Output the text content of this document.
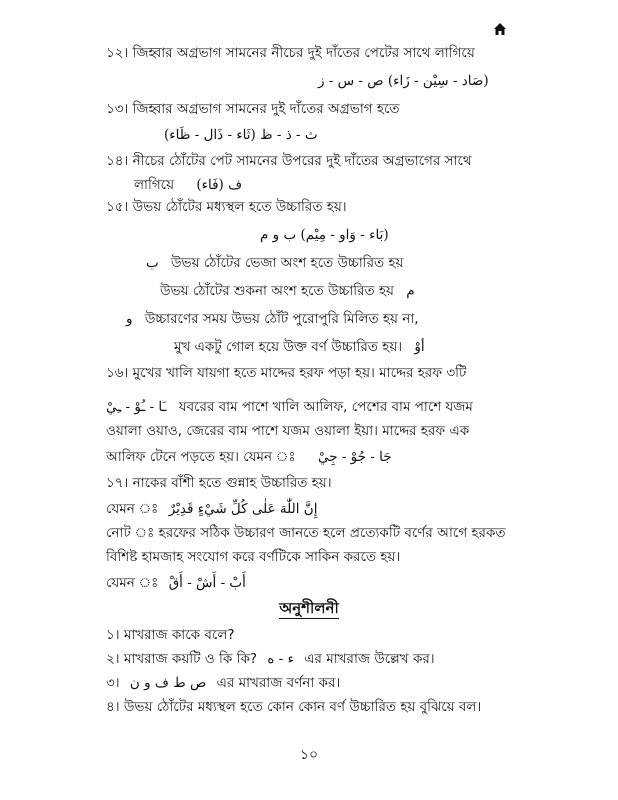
১২। জিহ্বার অগ্রভাগ সামনের নীচের দুই দাঁতের পেটের সাথে লাগিয়ে
(صَاد - سِيْن - زَاء) ص - س - ز
১৩। জিহ্বার অগ্রভাগ সামনের দুই দাঁতের অগ্রভাগ হতে
ث - ذ - ظ (ثَاء - ذَال - ظَاء)
১৪। নীচের ঠোঁটের পেট সামনের উপরের দুই দাঁতের অগ্রভাগের সাথে
লাগিয়ে ف (فَاء)
১৫। উভয় ঠোঁটের মধ্যস্থল হতে উচ্চারিত হয়।
(بَاء - وَاو - مِيْم) ب و م
ب উভয় ঠোঁটের ভেজা অংশ হতে উচ্চারিত হয়
উভয় ঠোঁটের শুকনা অংশ হতে উচ্চারিত হয় م
و উচ্চারণের সময় উভয় ঠোঁট পুরোপুরি মিলিত হয় না,
মুখ একটু গোল হয়ে উক্ত বর্ণ উচ্চারিত হয়। أوْ
১৬। মুখের খালি যায়গা হতে মাদ্দের হরফ পড়া হয়। মাদ্দের হরফ ৩টি
ـَا - ـُوْ - ـِيْ যবরের বাম পাশে খালি আলিফ, পেশের বাম পাশে যজম
ওয়ালা ওয়াও, জেরের বাম পাশে যজম ওয়ালা ইয়া। মাদ্দের হরফ এক
আলিফ টেনে পড়তে হয়। যেমন ঃ جَا - جُوْ - جِيْ
১৭। নাকের বাঁশী হতে গুন্নাহ উচ্চারিত হয়।
যেমন ঃ إِنَّ اللّٰهَ عَلٰى كُلِّ شَيْءٍ قَدِيْرٌ
নোট ঃ হরফের সঠিক উচ্চারণ জানতে হলে প্রত্যেকটি বর্ণের আগে হরকত
বিশিষ্ট হামজাহ সংযোগ করে বর্ণটিকে সাকিন করতে হয়।
যেমন ঃ أَبْ - أَشْ - أَقْ
অনুশীলনী
১। মাখরাজ কাকে বলে?
২। মাখরাজ কয়টি ও কি কি? ء - ه এর মাখরাজ উল্লেখ কর।
৩। ص ط ف و ن এর মাখরাজ বর্ণনা কর।
৪। উভয় ঠোঁটের মধ্যস্থল হতে কোন কোন বর্ণ উচ্চারিত হয় বুঝিয়ে বল।
১০
